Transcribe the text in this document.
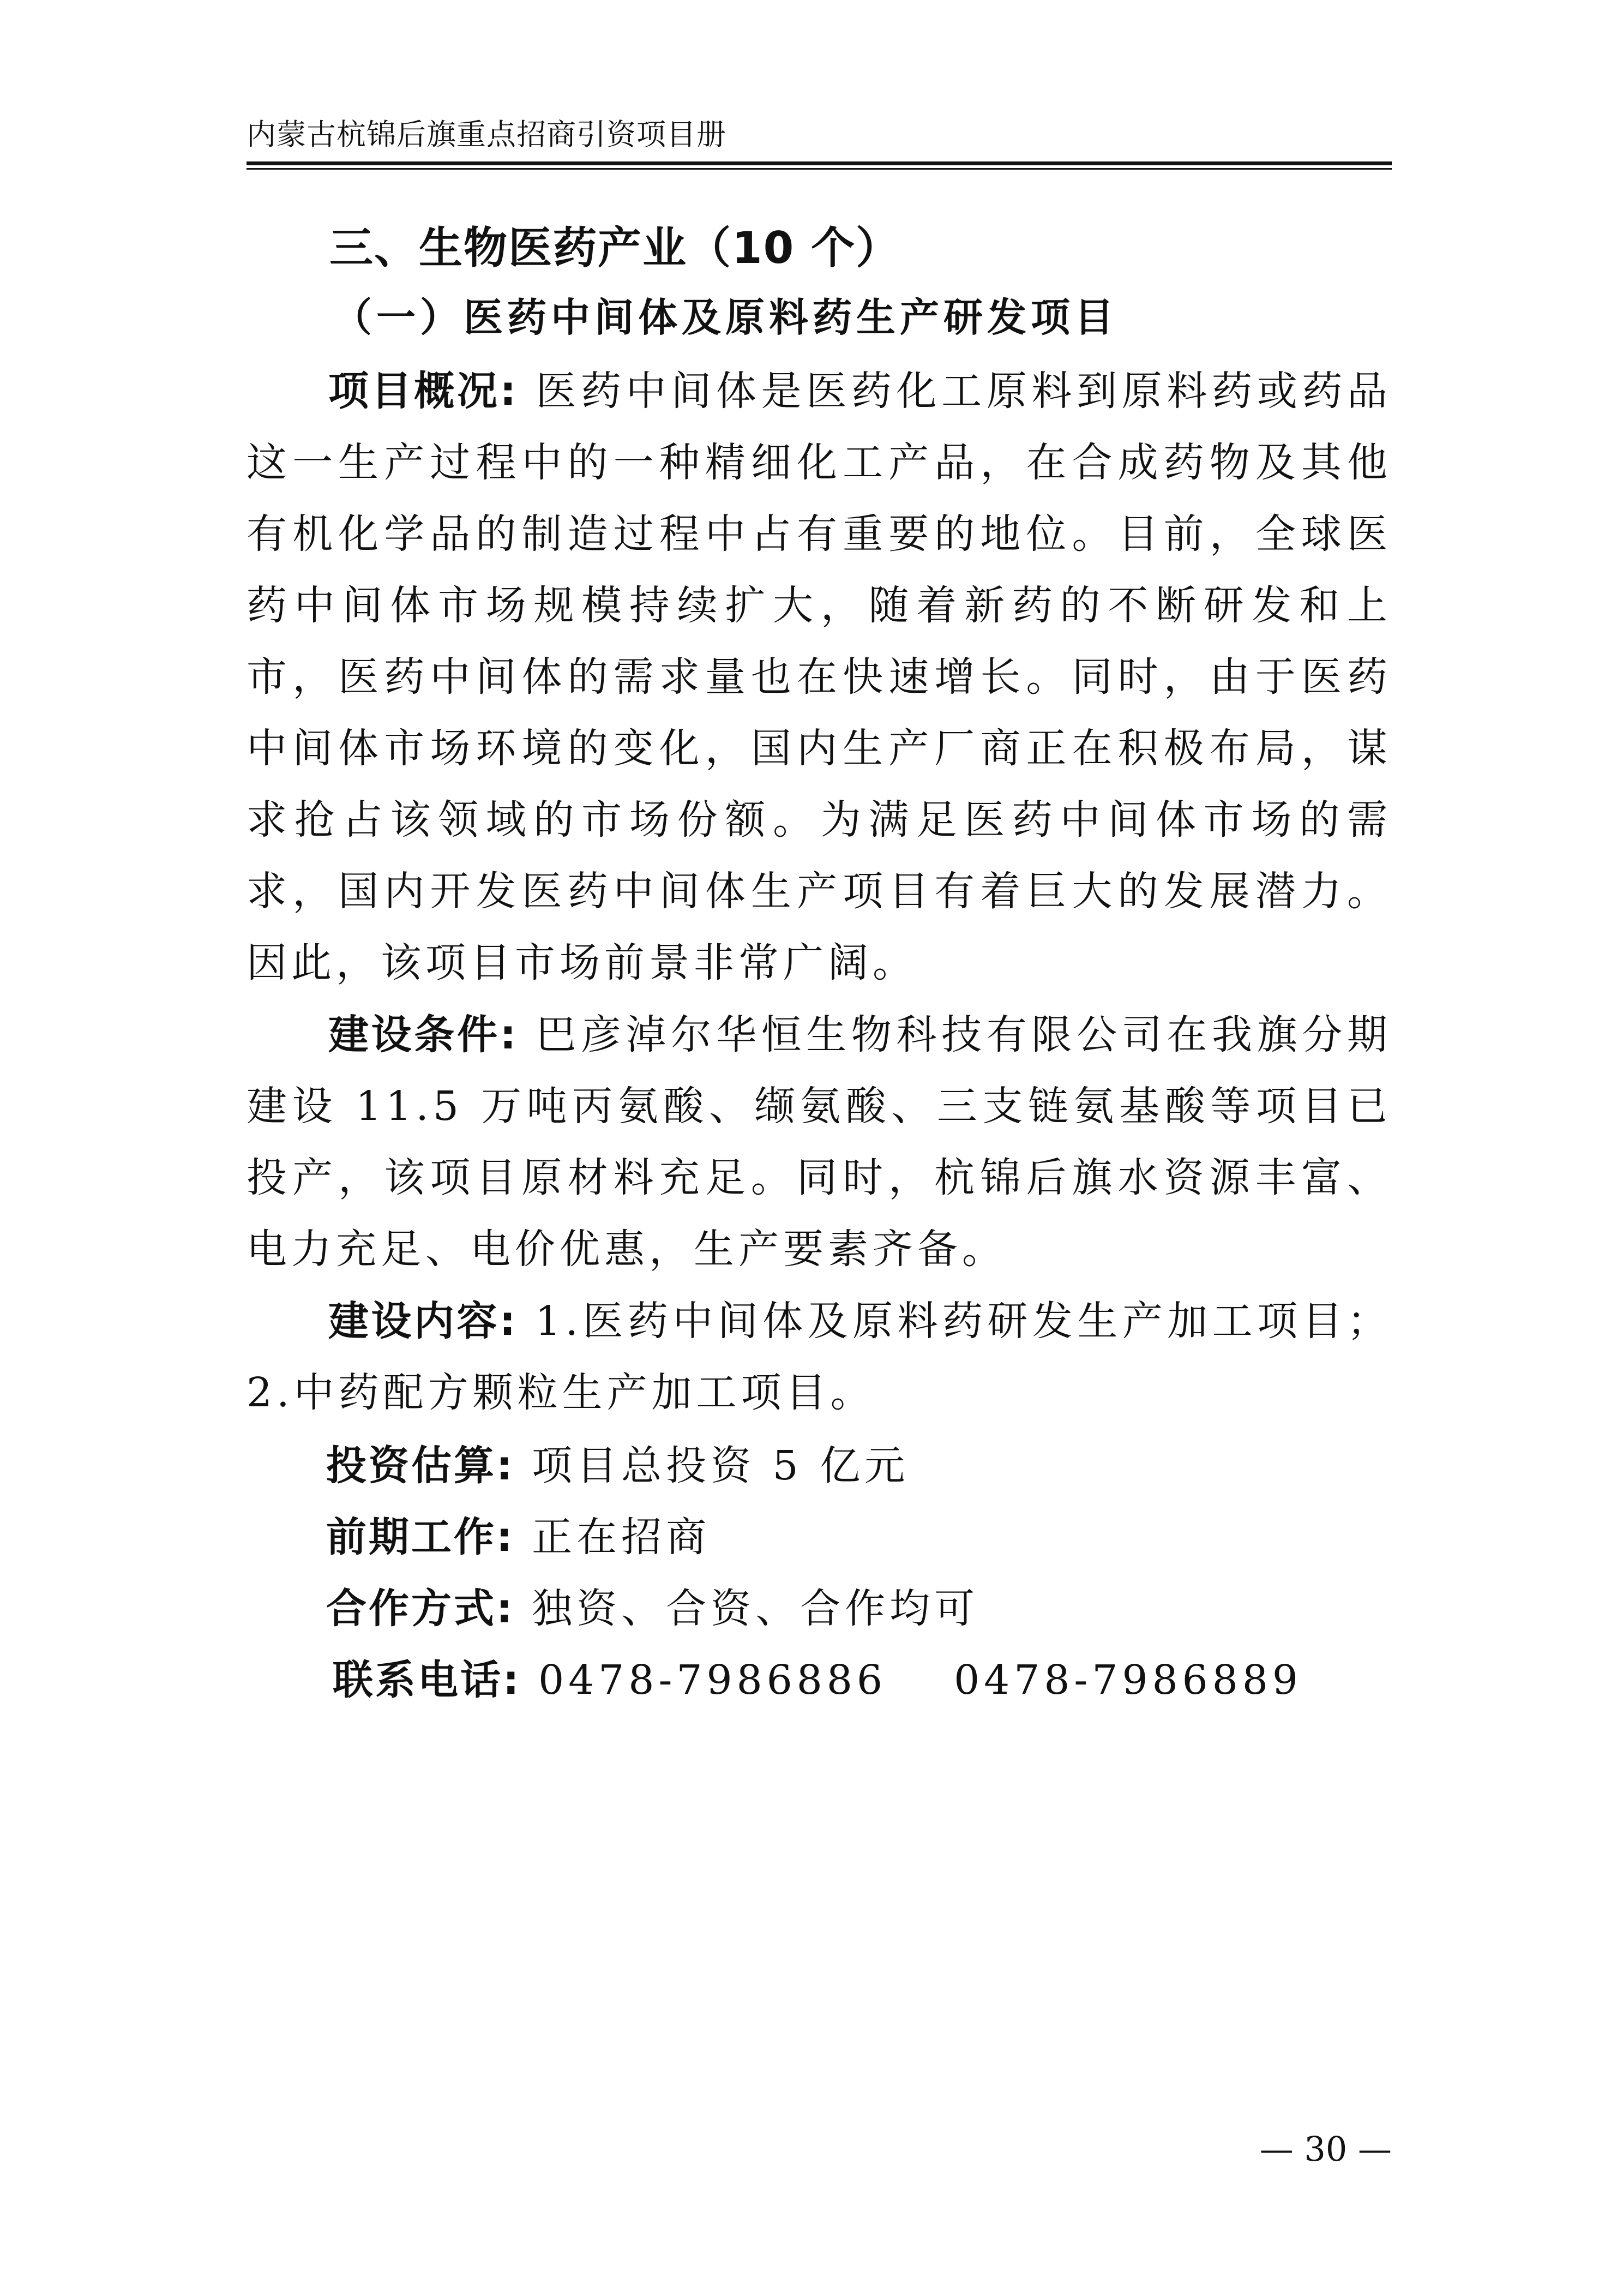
内蒙古杭锦后旗重点招商引资项目册
三、生物医药产业（10 个）
（一）医药中间体及原料药生产研发项目
项目概况: 医药中间体是医药化工原料到原料药或药品这一生产过程中的一种精细化工产品，在合成药物及其他有机化学品的制造过程中占有重要的地位。目前，全球医药中间体市场规模持续扩大，随着新药的不断研发和上市，医药中间体的需求量也在快速增长。同时，由于医药中间体市场环境的变化，国内生产厂商正在积极布局，谋求抢占该领域的市场份额。为满足医药中间体市场的需求，国内开发医药中间体生产项目有着巨大的发展潜力。因此，该项目市场前景非常广阔。
建设条件: 巴彦淖尔华恒生物科技有限公司在我旗分期建设 11.5 万吨丙氨酸、缬氨酸、三支链氨基酸等项目已投产，该项目原材料充足。同时，杭锦后旗水资源丰富、电力充足、电价优惠，生产要素齐备。
建设内容: 1.医药中间体及原料药研发生产加工项目；2.中药配方颗粒生产加工项目。
投资估算: 项目总投资 5 亿元
前期工作: 正在招商
合作方式: 独资、合资、合作均可
联系电话: 0478-7986886 0478-7986889
— 30 —
